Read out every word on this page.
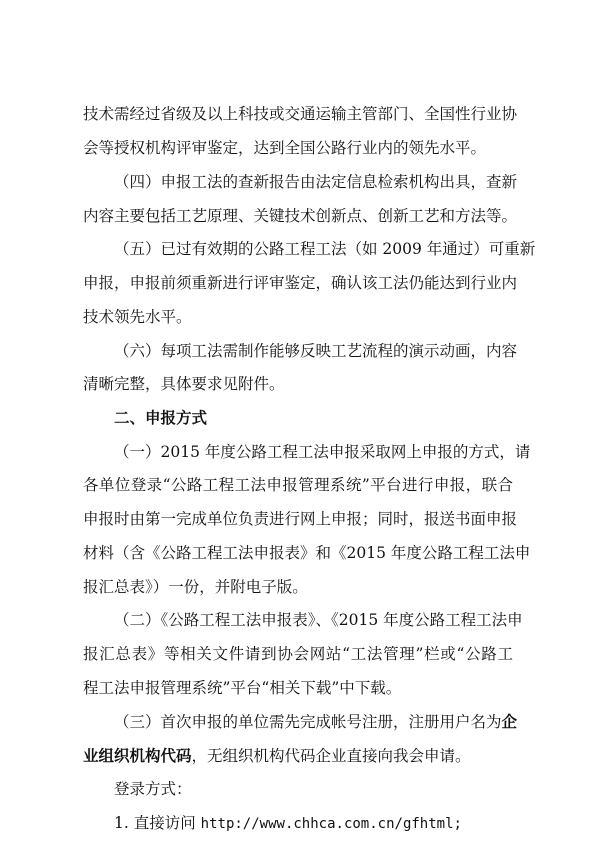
技术需经过省级及以上科技或交通运输主管部门、全国性行业协
会等授权机构评审鉴定，达到全国公路行业内的领先水平。
（四）申报工法的查新报告由法定信息检索机构出具，查新
内容主要包括工艺原理、关键技术创新点、创新工艺和方法等。
（五）已过有效期的公路工程工法（如 2009 年通过）可重新
申报，申报前须重新进行评审鉴定，确认该工法仍能达到行业内
技术领先水平。
（六）每项工法需制作能够反映工艺流程的演示动画，内容
清晰完整，具体要求见附件。
二、申报方式
（一）2015 年度公路工程工法申报采取网上申报的方式，请
各单位登录“公路工程工法申报管理系统”平台进行申报，联合
申报时由第一完成单位负责进行网上申报；同时，报送书面申报
材料（含《公路工程工法申报表》和《2015 年度公路工程工法申
报汇总表》）一份，并附电子版。
（二）《公路工程工法申报表》、《2015 年度公路工程工法申
报汇总表》等相关文件请到协会网站“工法管理”栏或“公路工
程工法申报管理系统”平台“相关下载”中下载。
（三）首次申报的单位需先完成帐号注册，注册用户名为企
业组织机构代码，无组织机构代码企业直接向我会申请。
登录方式：
1. 直接访问 http://www.chhca.com.cn/gfhtml;
